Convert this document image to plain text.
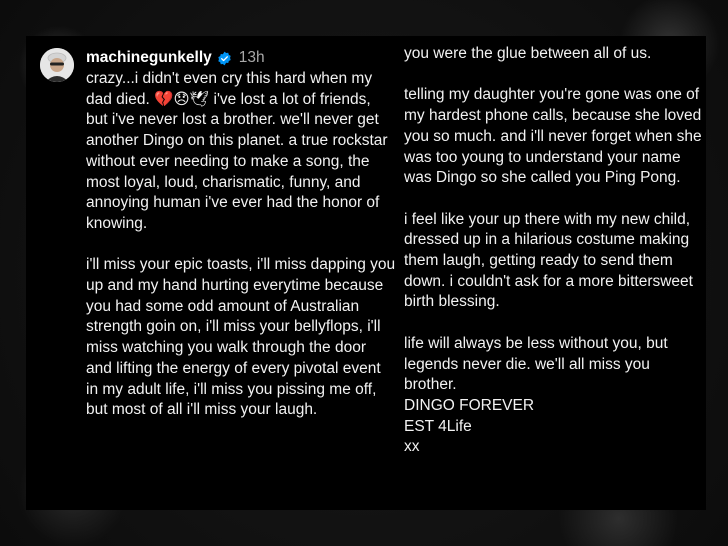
machinegunkelly 13h

crazy...i didn't even cry this hard when my dad died. 💔😞🕊 i've lost a lot of friends, but i've never lost a brother. we'll never get another Dingo on this planet. a true rockstar without ever needing to make a song, the most loyal, loud, charismatic, funny, and annoying human i've ever had the honor of knowing.

i'll miss your epic toasts, i'll miss dapping you up and my hand hurting everytime because you had some odd amount of Australian strength goin on, i'll miss your bellyflops, i'll miss watching you walk through the door and lifting the energy of every pivotal event in my adult life, i'll miss you pissing me off, but most of all i'll miss your laugh.

you were the glue between all of us.

telling my daughter you're gone was one of my hardest phone calls, because she loved you so much. and i'll never forget when she was too young to understand your name was Dingo so she called you Ping Pong.

i feel like your up there with my new child, dressed up in a hilarious costume making them laugh, getting ready to send them down. i couldn't ask for a more bittersweet birth blessing.

life will always be less without you, but legends never die. we'll all miss you brother.
DINGO FOREVER
EST 4Life
xx
